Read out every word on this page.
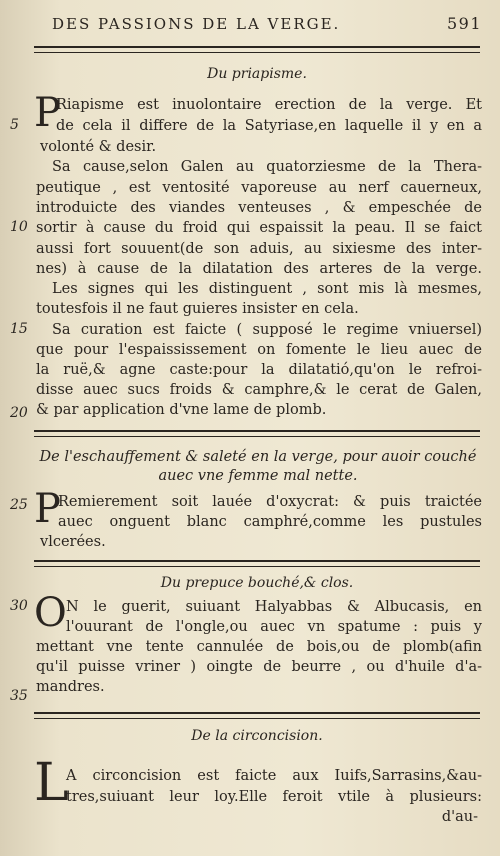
DES PASSIONS DE LA VERGE.	591
Du priapisme.
P
Riapisme est inuolontaire erection de la verge. Et
de cela il differe de la Satyriase,en laquelle il y en a
volonté & desir.
Sa cause,selon Galen au quatorziesme de la Thera-
peutique , est ventosité vaporeuse au nerf cauerneux,
introduicte des viandes venteuses , & empeschée de
sortir à cause du froid qui espaissit la peau. Il se faict
aussi fort souuent(de son aduis, au sixiesme des inter-
nes) à cause de la dilatation des arteres de la verge.
Les signes qui les distinguent , sont mis là mesmes,
toutesfois il ne faut guieres insister en cela.
Sa curation est faicte ( supposé le regime vniuersel)
que pour l'espaississement on fomente le lieu auec de
la ruë,& agne caste:pour la dilatatió,qu'on le refroi-
disse auec sucs froids & camphre,& le cerat de Galen,
& par application d'vne lame de plomb.
De l'eschauffement & saleté en la verge, pour auoir couché
auec vne femme mal nette.
P
Remierement soit lauée d'oxycrat: & puis traictée
auec onguent blanc camphré,comme les pustules
vlcerées.
Du prepuce bouché,& clos.
O N le guerit, suiuant Halyabbas & Albucasis, en
l'ouurant de l'ongle,ou auec vn spatume : puis y
mettant vne tente cannulée de bois,ou de plomb(afin
qu'il puisse vriner ) oingte de beurre , ou d'huile d'a-
mandres.
De la circoncision.
L
A circoncision est faicte aux Iuifs,Sarrasins,&au-
tres,suiuant leur loy.Elle feroit vtile à plusieurs:
d'au-
5
10
15
20
25
30
35
